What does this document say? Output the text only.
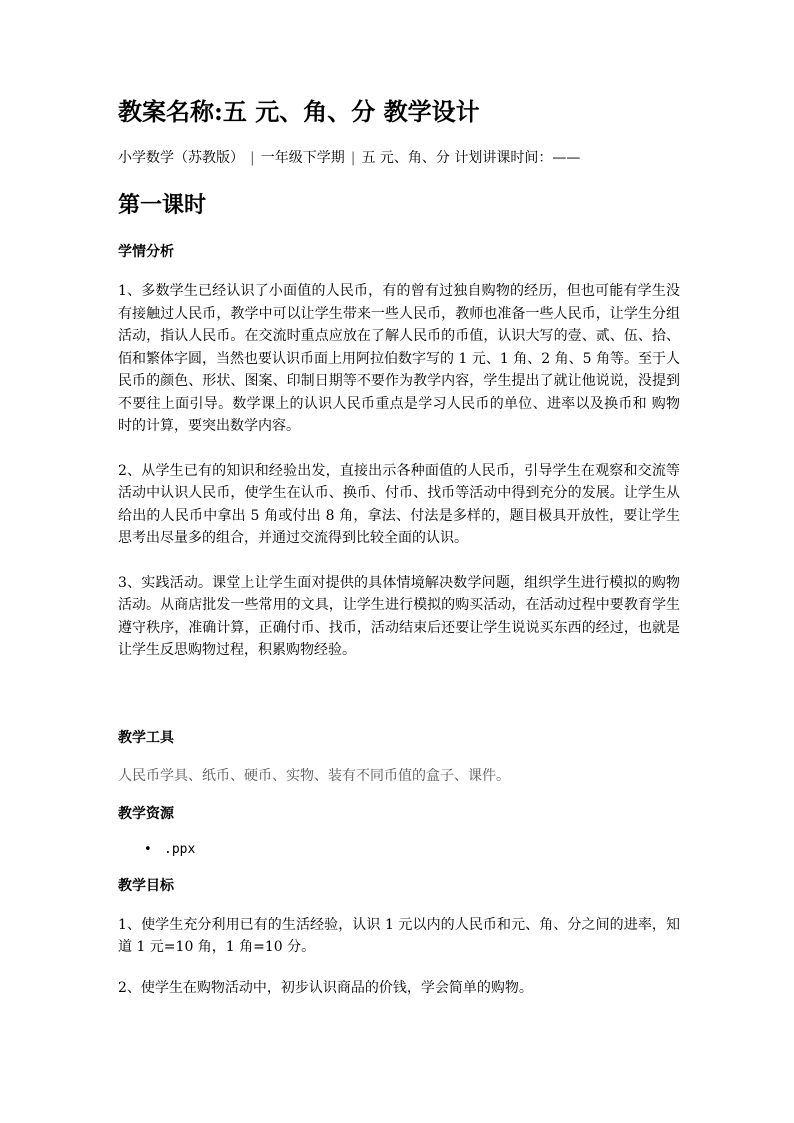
教案名称:五 元、角、分 教学设计
小学数学（苏教版） | 一年级下学期 | 五 元、角、分 计划讲课时间：——
第一课时
学情分析

1、多数学生已经认识了小面值的人民币，有的曾有过独自购物的经历，但也可能有学生没有接触过人民币，教学中可以让学生带来一些人民币，教师也准备一些人民币，让学生分组活动，指认人民币。在交流时重点应放在了解人民币的币值，认识大写的壹、贰、伍、拾、佰和繁体字圆，当然也要认识币面上用阿拉伯数字写的 1 元、1 角、2 角、5 角等。至于人民币的颜色、形状、图案、印制日期等不要作为教学内容，学生提出了就让他说说，没提到不要往上面引导。数学课上的认识人民币重点是学习人民币的单位、进率以及换币和 购物时的计算，要突出数学内容。

2、从学生已有的知识和经验出发，直接出示各种面值的人民币，引导学生在观察和交流等活动中认识人民币，使学生在认币、换币、付币、找币等活动中得到充分的发展。让学生从给出的人民币中拿出 5 角或付出 8 角，拿法、付法是多样的，题目极具开放性，要让学生思考出尽量多的组合，并通过交流得到比较全面的认识。

3、实践活动。课堂上让学生面对提供的具体情境解决数学问题，组织学生进行模拟的购物活动。从商店批发一些常用的文具，让学生进行模拟的购买活动，在活动过程中要教育学生遵守秩序，准确计算，正确付币、找币，活动结束后还要让学生说说买东西的经过，也就是让学生反思购物过程，积累购物经验。

教学工具
人民币学具、纸币、硬币、实物、装有不同币值的盒子、课件。
教学资源
• .ppx
教学目标

1、使学生充分利用已有的生活经验，认识 1 元以内的人民币和元、角、分之间的进率，知道 1 元=10 角，1 角=10 分。

2、使学生在购物活动中，初步认识商品的价钱，学会简单的购物。
